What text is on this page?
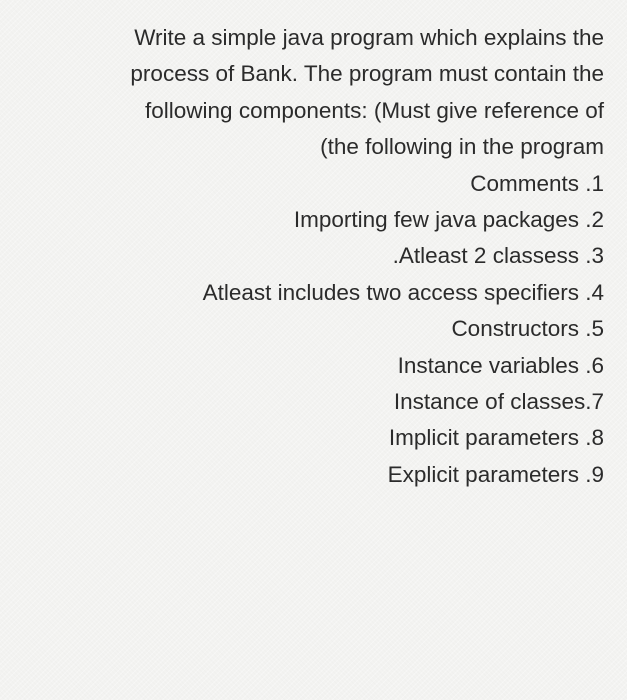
Write a simple java program which explains the
process of Bank. The program must contain the
following components: (Must give reference of
(the following in the program
Comments .1
Importing few java packages .2
.Atleast 2 classess .3
Atleast includes two access specifiers .4
Constructors .5
Instance variables .6
Instance of classes.7
Implicit parameters .8
Explicit parameters .9
